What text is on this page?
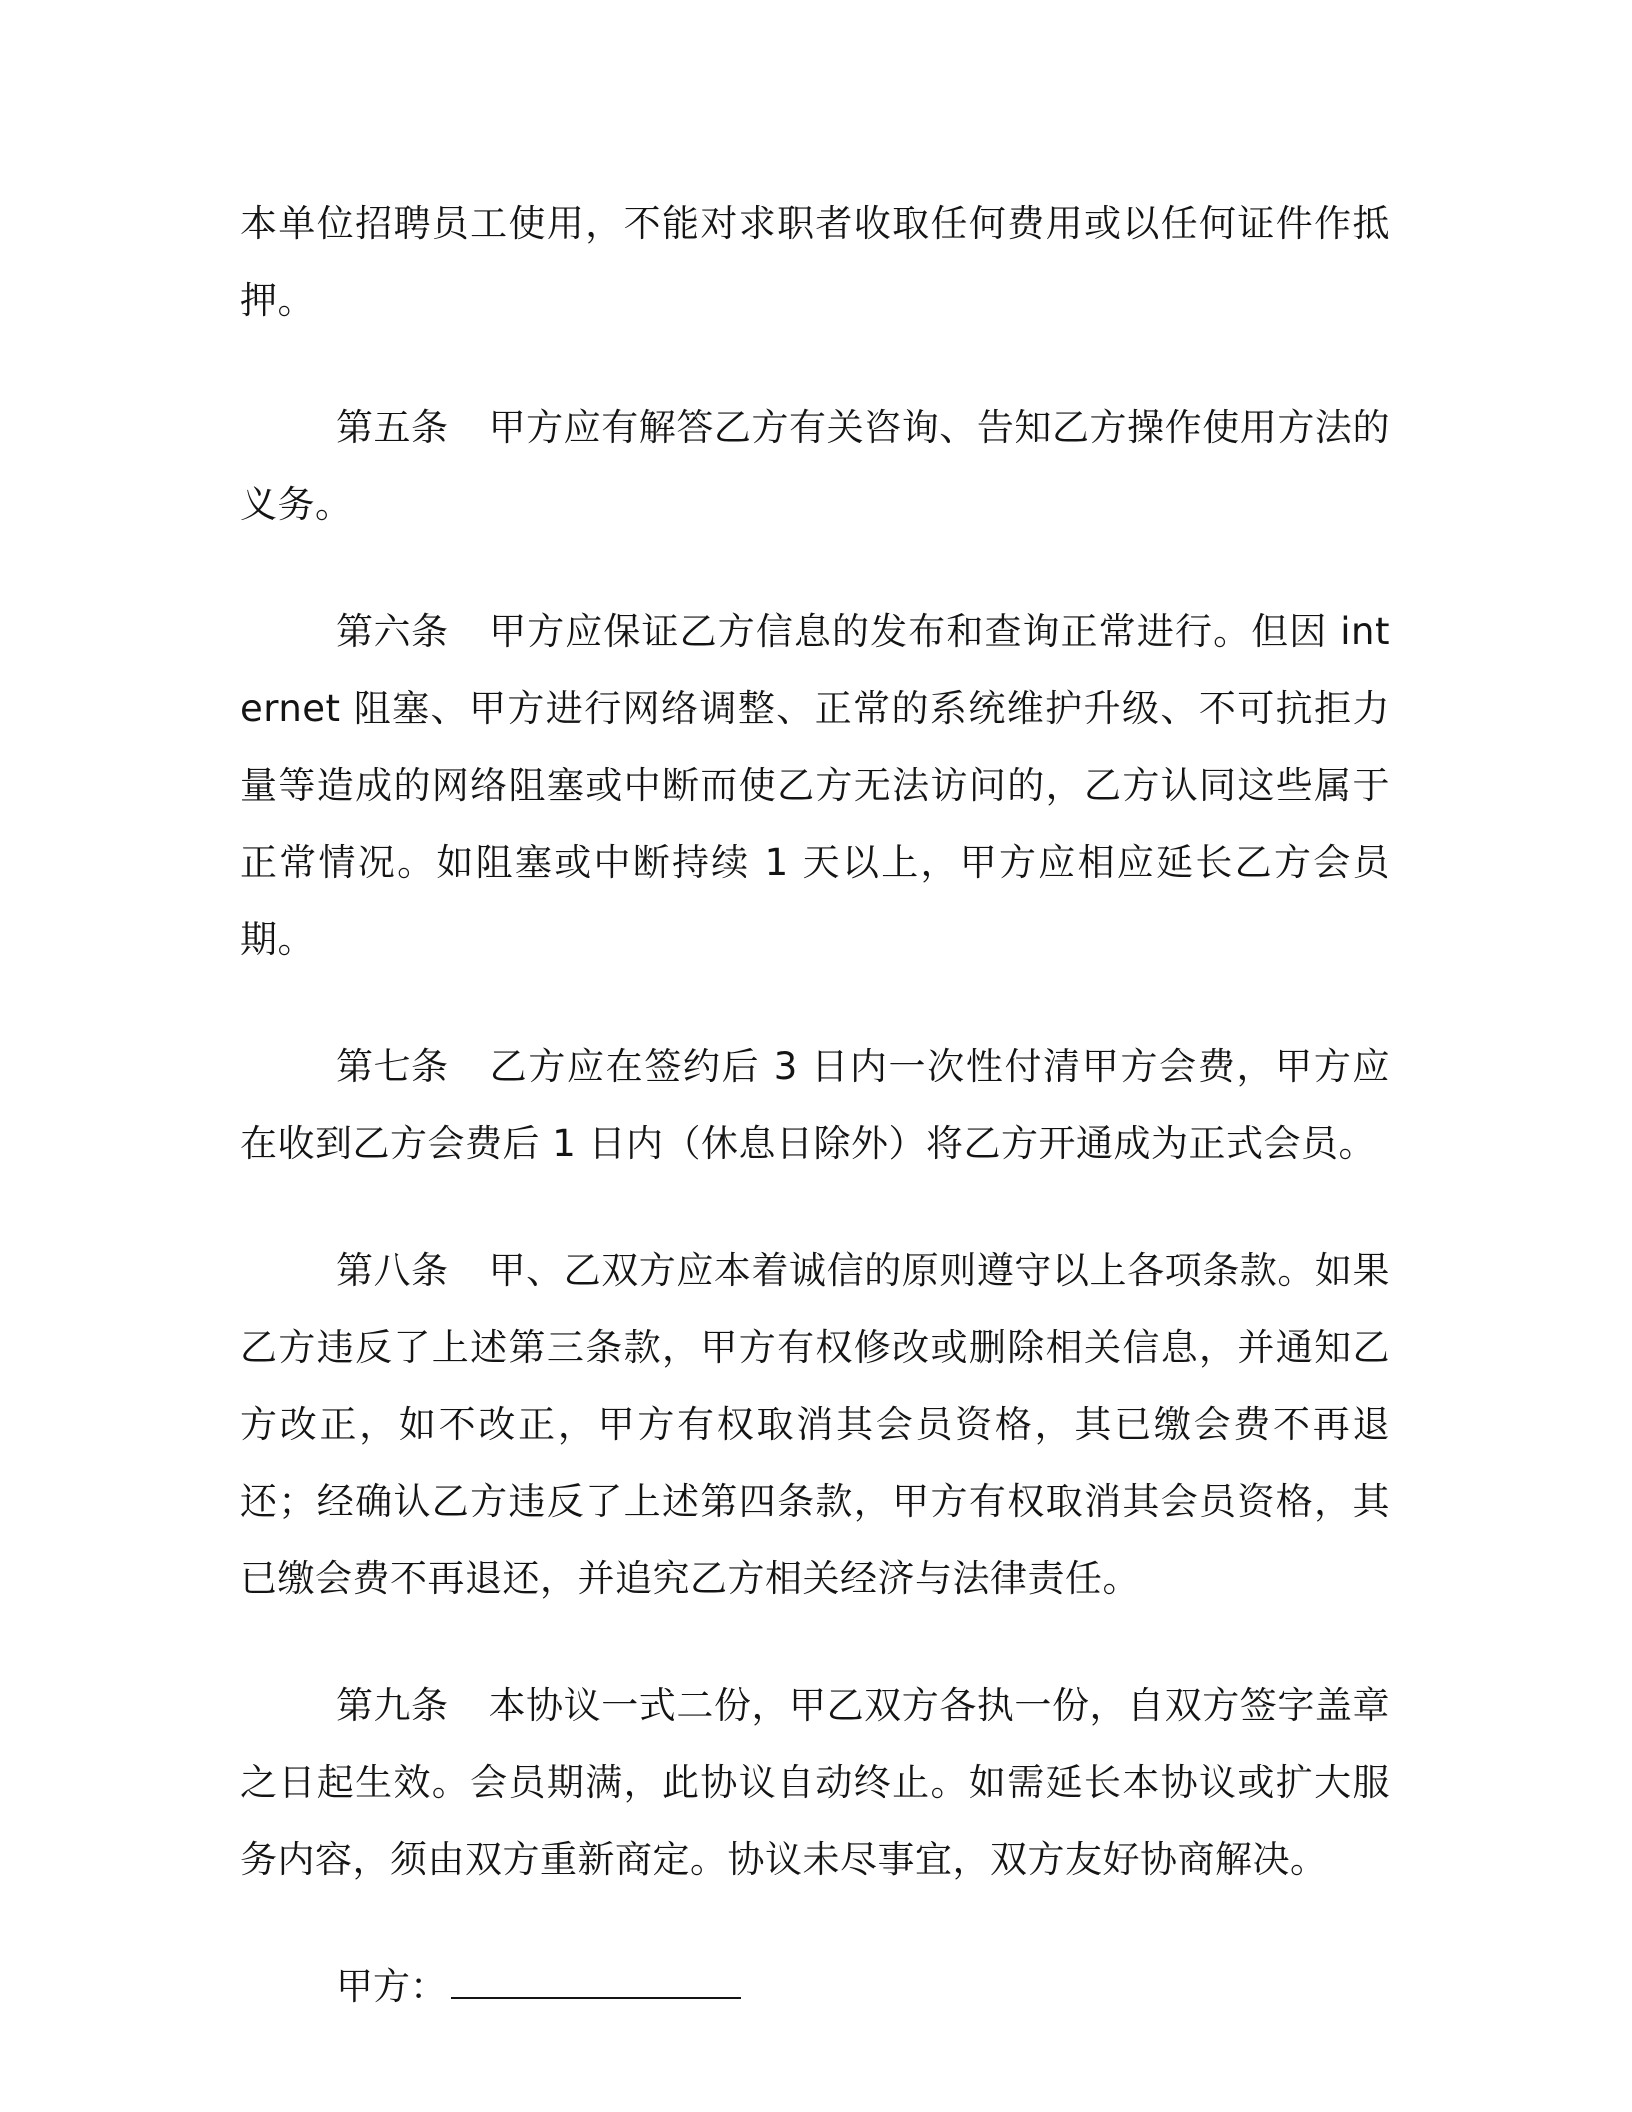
本单位招聘员工使用，不能对求职者收取任何费用或以任何证件作抵押。

第五条 甲方应有解答乙方有关咨询、告知乙方操作使用方法的义务。

第六条 甲方应保证乙方信息的发布和查询正常进行。但因 internet 阻塞、甲方进行网络调整、正常的系统维护升级、不可抗拒力量等造成的网络阻塞或中断而使乙方无法访问的，乙方认同这些属于正常情况。如阻塞或中断持续 1 天以上，甲方应相应延长乙方会员期。

第七条 乙方应在签约后 3 日内一次性付清甲方会费，甲方应在收到乙方会费后 1 日内（休息日除外）将乙方开通成为正式会员。

第八条 甲、乙双方应本着诚信的原则遵守以上各项条款。如果乙方违反了上述第三条款，甲方有权修改或删除相关信息，并通知乙方改正，如不改正，甲方有权取消其会员资格，其已缴会费不再退还；经确认乙方违反了上述第四条款，甲方有权取消其会员资格，其已缴会费不再退还，并追究乙方相关经济与法律责任。

第九条 本协议一式二份，甲乙双方各执一份，自双方签字盖章之日起生效。会员期满，此协议自动终止。如需延长本协议或扩大服务内容，须由双方重新商定。协议未尽事宜，双方友好协商解决。

甲方：
